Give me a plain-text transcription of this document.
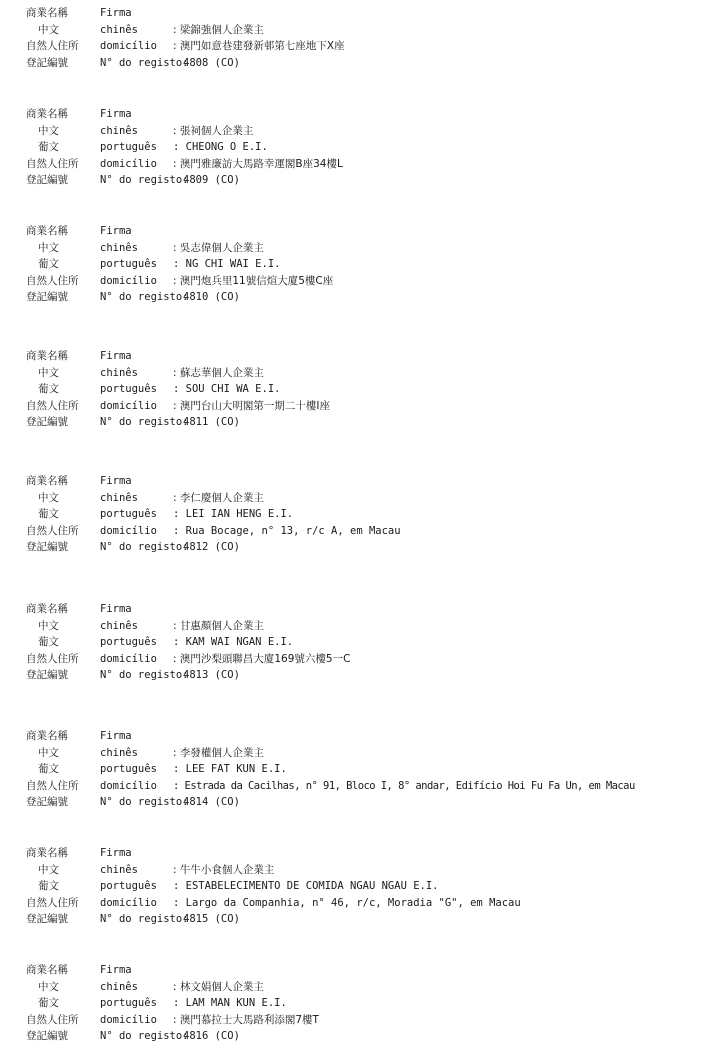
商業名稱	Firma
中文	chinês	: 梁錦強個人企業主
自然人住所 domicílio : 澳門如意巷建發新邨第七座地下X座
登記編號	N° do registo:
4808 (CO)
商業名稱	Firma
中文	chinês	: 張祠個人企業主
葡文	português : CHEONG O E.I.
自然人住所 domicílio : 澳門雅廉訪大馬路幸運閣B座34樓L
登記編號	N° do registo:
4809 (CO)
商業名稱	Firma
中文	chinês	: 吳志偉個人企業主
葡文	português : NG CHI WAI E.I.
自然人住所 domicílio : 澳門炮兵里11號信煊大廈5樓C座
登記編號	N° do registo:
4810 (CO)
商業名稱	Firma
中文	chinês	: 蘇志華個人企業主
葡文	português : SOU CHI WA E.I.
自然人住所 domicílio : 澳門台山大明閣第一期二十樓I座
登記編號	N° do registo:
4811 (CO)
商業名稱	Firma
中文	chinês	: 李仁慶個人企業主
葡文	português : LEI IAN HENG E.I.
自然人住所 domicílio : Rua Bocage, n° 13, r/c A, em Macau
登記編號	N° do registo:
4812 (CO)
商業名稱	Firma
中文	chinês	: 甘惠顏個人企業主
葡文	português : KAM WAI NGAN E.I.
自然人住所 domicílio : 澳門沙梨頭聯昌大廈169號六樓5一C
登記編號	N° do registo:
4813 (CO)
商業名稱	Firma
中文	chinês	: 李發權個人企業主
葡文	português : LEE FAT KUN E.I.
自然人住所 domicílio : Estrada da Cacilhas, n° 91, Bloco I, 8° andar, Edifício Hoi Fu Fa Un, em Macau
登記編號	N° do registo:
4814 (CO)
商業名稱	Firma
中文	chinês	: 牛牛小食個人企業主
葡文	português : ESTABELECIMENTO DE COMIDA NGAU NGAU E.I.
自然人住所 domicílio : Largo da Companhia, n° 46, r/c, Moradia "G", em Macau
登記編號	N° do registo:
4815 (CO)
商業名稱	Firma
中文	chinês	: 林文娟個人企業主
葡文	português : LAM MAN KUN E.I.
自然人住所 domicílio : 澳門慕拉士大馬路利添閣7樓T
登記編號	N° do registo:
4816 (CO)
